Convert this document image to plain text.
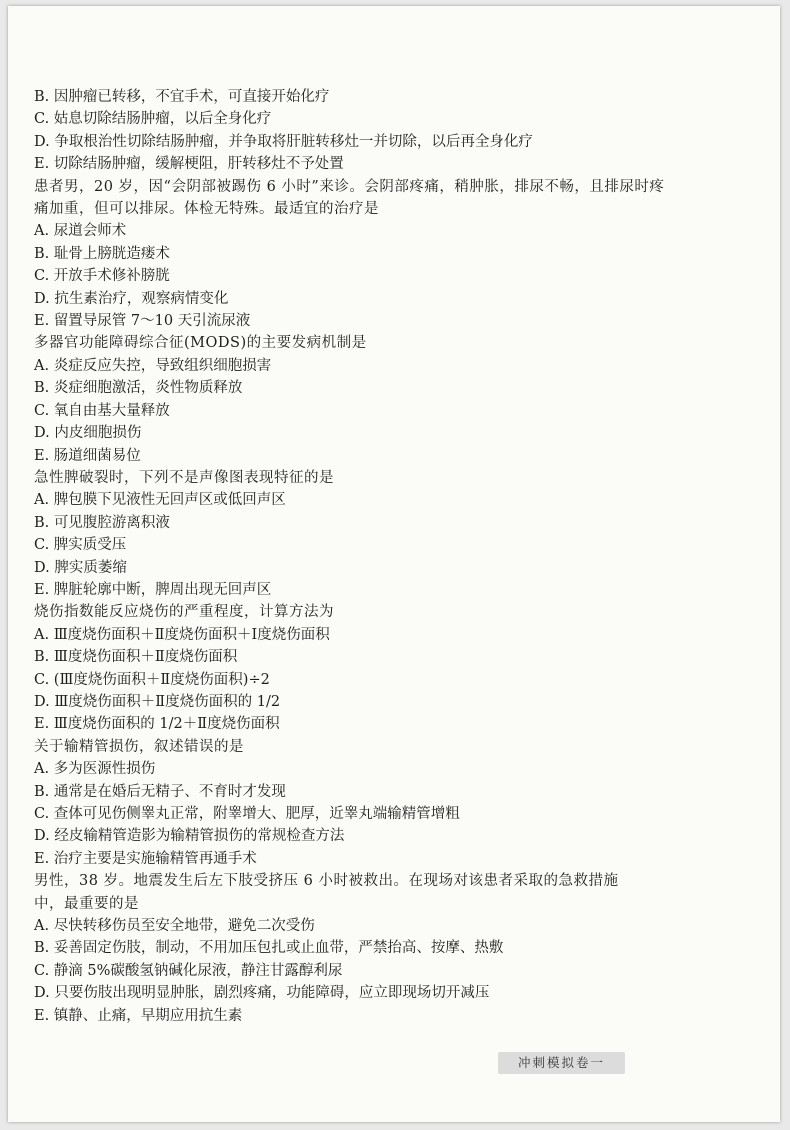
B. 因肿瘤已转移，不宜手术，可直接开始化疗
C. 姑息切除结肠肿瘤，以后全身化疗
D. 争取根治性切除结肠肿瘤，并争取将肝脏转移灶一并切除，以后再全身化疗
E. 切除结肠肿瘤，缓解梗阻，肝转移灶不予处置
患者男，20 岁，因“会阴部被踢伤 6 小时”来诊。会阴部疼痛，稍肿胀，排尿不畅，且排尿时疼
痛加重，但可以排尿。体检无特殊。最适宜的治疗是
A. 尿道会师术
B. 耻骨上膀胱造瘘术
C. 开放手术修补膀胱
D. 抗生素治疗，观察病情变化
E. 留置导尿管 7～10 天引流尿液
多器官功能障碍综合征(MODS)的主要发病机制是
A. 炎症反应失控，导致组织细胞损害
B. 炎症细胞激活，炎性物质释放
C. 氧自由基大量释放
D. 内皮细胞损伤
E. 肠道细菌易位
急性脾破裂时，下列不是声像图表现特征的是
A. 脾包膜下见液性无回声区或低回声区
B. 可见腹腔游离积液
C. 脾实质受压
D. 脾实质萎缩
E. 脾脏轮廓中断，脾周出现无回声区
烧伤指数能反应烧伤的严重程度，计算方法为
A. Ⅲ度烧伤面积＋Ⅱ度烧伤面积＋Ⅰ度烧伤面积
B. Ⅲ度烧伤面积＋Ⅱ度烧伤面积
C. (Ⅲ度烧伤面积＋Ⅱ度烧伤面积)÷2
D. Ⅲ度烧伤面积＋Ⅱ度烧伤面积的 1/2
E. Ⅲ度烧伤面积的 1/2＋Ⅱ度烧伤面积
关于输精管损伤，叙述错误的是
A. 多为医源性损伤
B. 通常是在婚后无精子、不育时才发现
C. 查体可见伤侧睾丸正常，附睾增大、肥厚，近睾丸端输精管增粗
D. 经皮输精管造影为输精管损伤的常规检查方法
E. 治疗主要是实施输精管再通手术
男性，38 岁。地震发生后左下肢受挤压 6 小时被救出。在现场对该患者采取的急救措施
中，最重要的是
A. 尽快转移伤员至安全地带，避免二次受伤
B. 妥善固定伤肢，制动，不用加压包扎或止血带，严禁抬高、按摩、热敷
C. 静滴 5%碳酸氢钠碱化尿液，静注甘露醇利尿
D. 只要伤肢出现明显肿胀，剧烈疼痛，功能障碍，应立即现场切开减压
E. 镇静、止痛，早期应用抗生素
冲刺模拟卷一
